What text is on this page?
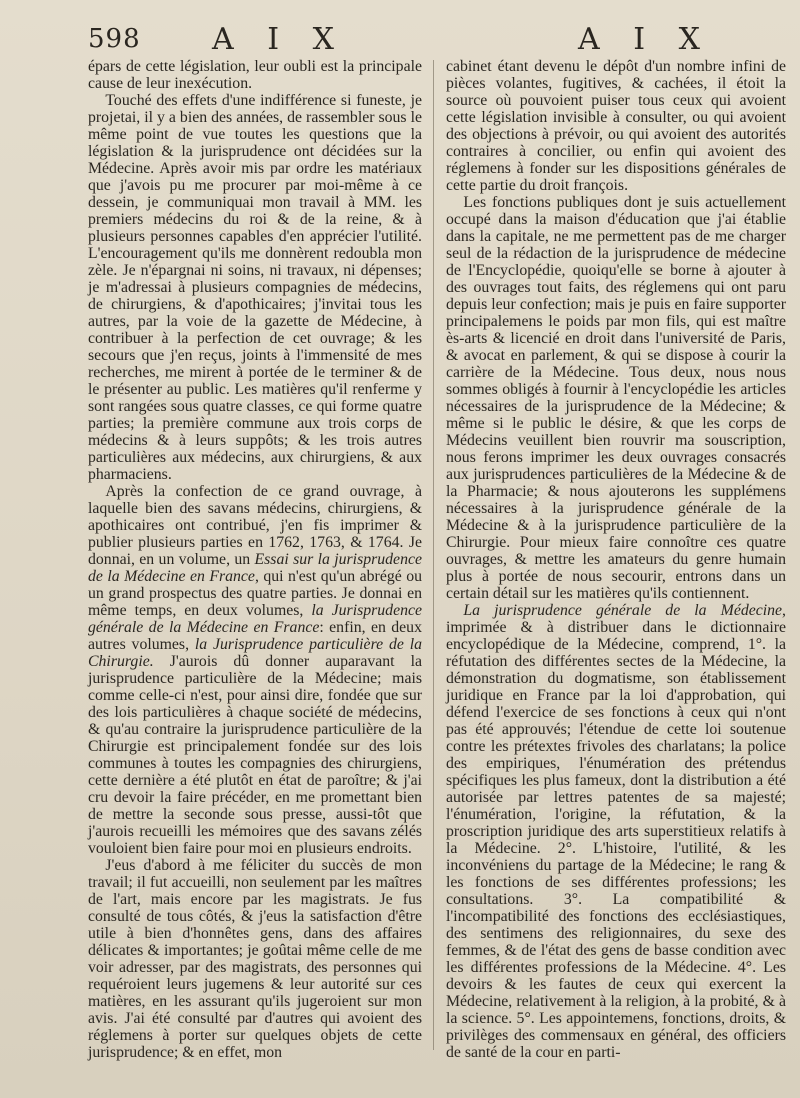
598 A I X	A I X

épars de cette législation, leur oubli est la principale cause de leur inexécution.

Touché des effets d'une indifférence si funeste, je projetai, il y a bien des années, de rassembler sous le même point de vue toutes les questions que la législation & la jurisprudence ont décidées sur la Médecine. Après avoir mis par ordre les matériaux que j'avois pu me procurer par moi-même à ce dessein, je communiquai mon travail à MM. les premiers médecins du roi & de la reine, & à plusieurs personnes capables d'en apprécier l'utilité. L'encouragement qu'ils me donnèrent redoubla mon zèle. Je n'épargnai ni soins, ni travaux, ni dépenses; je m'adressai à plusieurs compagnies de médecins, de chirurgiens, & d'apothicaires; j'invitai tous les autres, par la voie de la gazette de Médecine, à contribuer à la perfection de cet ouvrage; & les secours que j'en reçus, joints à l'immensité de mes recherches, me mirent à portée de le terminer & de le présenter au public. Les matières qu'il renferme y sont rangées sous quatre classes, ce qui forme quatre parties; la première commune aux trois corps de médecins & à leurs suppôts; & les trois autres particulières aux médecins, aux chirurgiens, & aux pharmaciens.

Après la confection de ce grand ouvrage, à laquelle bien des savans médecins, chirurgiens, & apothicaires ont contribué, j'en fis imprimer & publier plusieurs parties en 1762, 1763, & 1764. Je donnai, en un volume, un Essai sur la jurisprudence de la Médecine en France, qui n'est qu'un abrégé ou un grand prospectus des quatre parties. Je donnai en même temps, en deux volumes, la Jurisprudence générale de la Médecine en France: enfin, en deux autres volumes, la Jurisprudence particulière de la Chirurgie. J'aurois dû donner auparavant la jurisprudence particulière de la Médecine; mais comme celle-ci n'est, pour ainsi dire, fondée que sur des lois particulières à chaque société de médecins, & qu'au contraire la jurisprudence particulière de la Chirurgie est principalement fondée sur des lois communes à toutes les compagnies des chirurgiens, cette dernière a été plutôt en état de paroître; & j'ai cru devoir la faire précéder, en me promettant bien de mettre la seconde sous presse, aussi-tôt que j'aurois recueilli les mémoires que des savans zélés vouloient bien faire pour moi en plusieurs endroits.

J'eus d'abord à me féliciter du succès de mon travail; il fut accueilli, non seulement par les maîtres de l'art, mais encore par les magistrats. Je fus consulté de tous côtés, & j'eus la satisfaction d'être utile à bien d'honnêtes gens, dans des affaires délicates & importantes; je goûtai même celle de me voir adresser, par des magistrats, des personnes qui requéroient leurs jugemens & leur autorité sur ces matières, en les assurant qu'ils jugeroient sur mon avis. J'ai été consulté par d'autres qui avoient des réglemens à porter sur quelques objets de cette jurisprudence; & en effet, mon

cabinet étant devenu le dépôt d'un nombre infini de pièces volantes, fugitives, & cachées, il étoit la source où pouvoient puiser tous ceux qui avoient cette législation invisible à consulter, ou qui avoient des objections à prévoir, ou qui avoient des autorités contraires à concilier, ou enfin qui avoient des réglemens à fonder sur les dispositions générales de cette partie du droit françois.

Les fonctions publiques dont je suis actuellement occupé dans la maison d'éducation que j'ai établie dans la capitale, ne me permettent pas de me charger seul de la rédaction de la jurisprudence de médecine de l'Encyclopédie, quoiqu'elle se borne à ajouter à des ouvrages tout faits, des réglemens qui ont paru depuis leur confection; mais je puis en faire supporter principalemens le poids par mon fils, qui est maître ès-arts & licencié en droit dans l'université de Paris, & avocat en parlement, & qui se dispose à courir la carrière de la Médecine. Tous deux, nous nous sommes obligés à fournir à l'encyclopédie les articles nécessaires de la jurisprudence de la Médecine; & même si le public le désire, & que les corps de Médecins veuillent bien rouvrir ma souscription, nous ferons imprimer les deux ouvrages consacrés aux jurisprudences particulières de la Médecine & de la Pharmacie; & nous ajouterons les supplémens nécessaires à la jurisprudence générale de la Médecine & à la jurisprudence particulière de la Chirurgie. Pour mieux faire connoître ces quatre ouvrages, & mettre les amateurs du genre humain plus à portée de nous secourir, entrons dans un certain détail sur les matières qu'ils contiennent.

La jurisprudence générale de la Médecine, imprimée & à distribuer dans le dictionnaire encyclopédique de la Médecine, comprend, 1°. la réfutation des différentes sectes de la Médecine, la démonstration du dogmatisme, son établissement juridique en France par la loi d'approbation, qui défend l'exercice de ses fonctions à ceux qui n'ont pas été approuvés; l'étendue de cette loi soutenue contre les prétextes frivoles des charlatans; la police des empiriques, l'énumération des prétendus spécifiques les plus fameux, dont la distribution a été autorisée par lettres patentes de sa majesté; l'énumération, l'origine, la réfutation, & la proscription juridique des arts superstitieux relatifs à la Médecine. 2°. L'histoire, l'utilité, & les inconvéniens du partage de la Médecine; le rang & les fonctions de ses différentes professions; les consultations. 3°. La compatibilité & l'incompatibilité des fonctions des ecclésiastiques, des sentimens des religionnaires, du sexe des femmes, & de l'état des gens de basse condition avec les différentes professions de la Médecine. 4°. Les devoirs & les fautes de ceux qui exercent la Médecine, relativement à la religion, à la probité, & à la science. 5°. Les appointemens, fonctions, droits, & privilèges des commensaux en général, des officiers de santé de la cour en parti-
